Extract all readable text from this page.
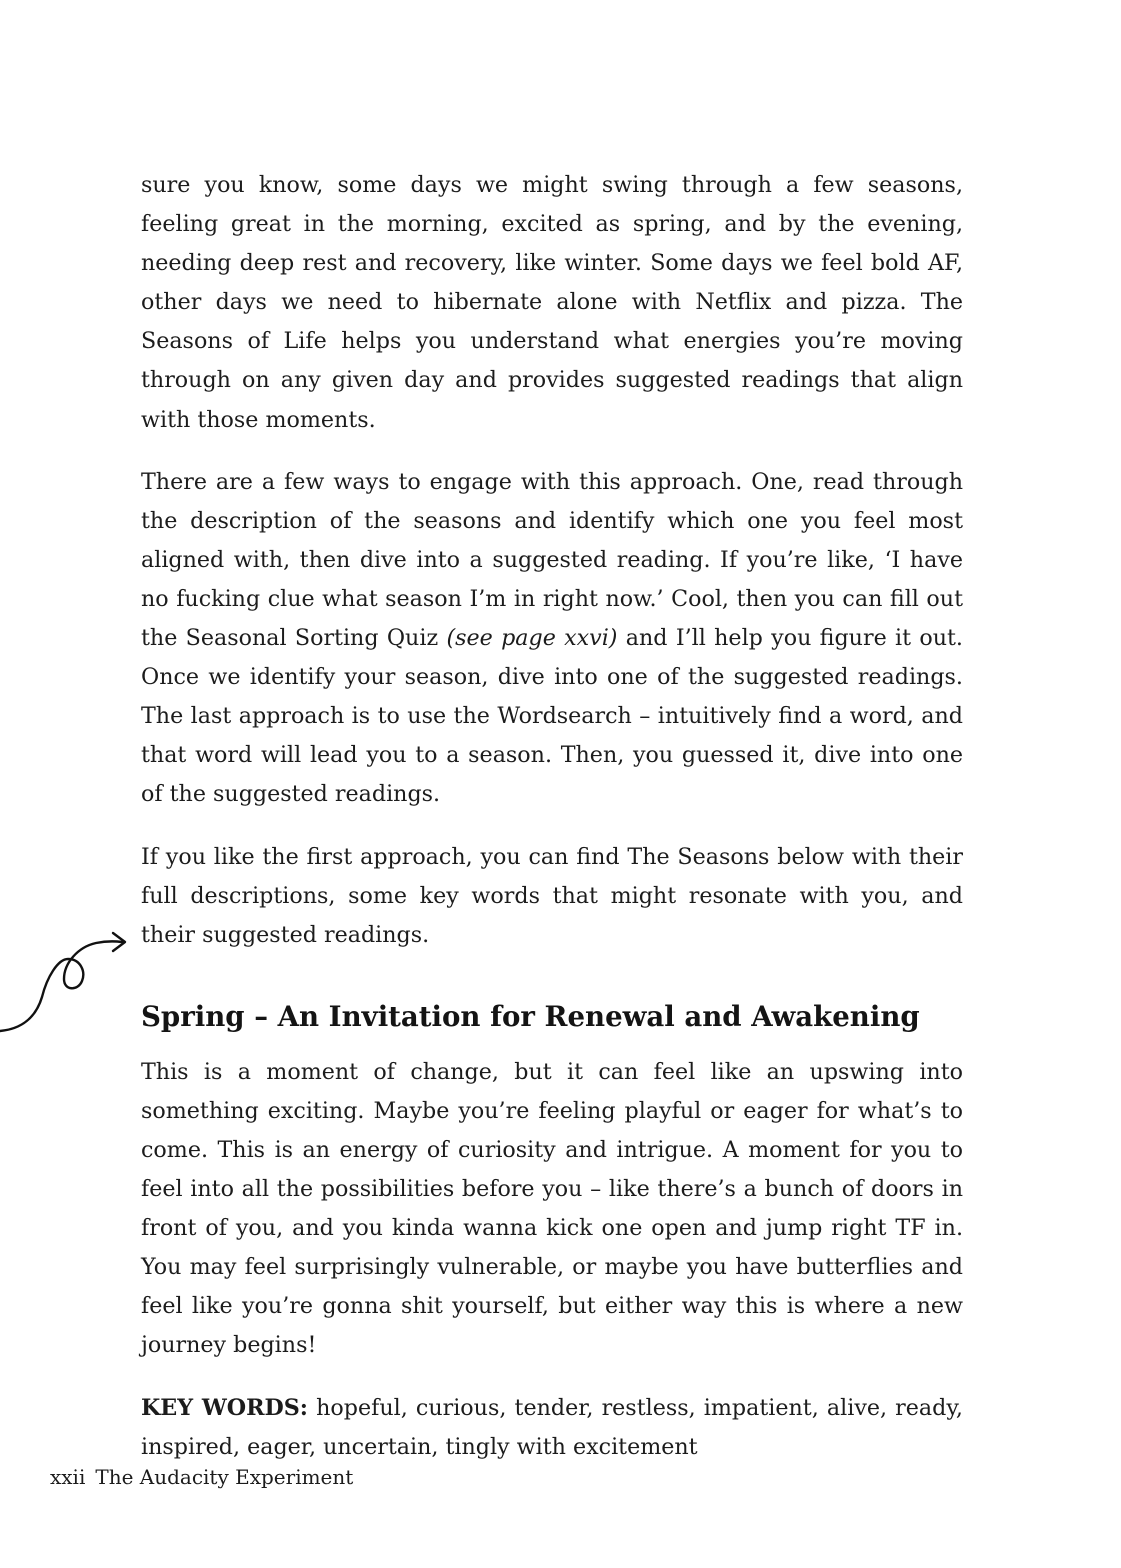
sure you know, some days we might swing through a few seasons, feeling great in the morning, excited as spring, and by the evening, needing deep rest and recovery, like winter. Some days we feel bold AF, other days we need to hibernate alone with Netflix and pizza. The Seasons of Life helps you understand what energies you’re moving through on any given day and provides suggested readings that align with those moments.

There are a few ways to engage with this approach. One, read through the description of the seasons and identify which one you feel most aligned with, then dive into a suggested reading. If you’re like, ‘I have no fucking clue what season I’m in right now.’ Cool, then you can fill out the Seasonal Sorting Quiz (see page xxvi) and I’ll help you figure it out. Once we identify your season, dive into one of the suggested readings. The last approach is to use the Wordsearch – intuitively find a word, and that word will lead you to a season. Then, you guessed it, dive into one of the suggested readings.

If you like the first approach, you can find The Seasons below with their full descriptions, some key words that might resonate with you, and their suggested readings.

Spring – An Invitation for Renewal and Awakening

This is a moment of change, but it can feel like an upswing into something exciting. Maybe you’re feeling playful or eager for what’s to come. This is an energy of curiosity and intrigue. A moment for you to feel into all the possibilities before you – like there’s a bunch of doors in front of you, and you kinda wanna kick one open and jump right TF in. You may feel surprisingly vulnerable, or maybe you have butterflies and feel like you’re gonna shit yourself, but either way this is where a new journey begins!

KEY WORDS: hopeful, curious, tender, restless, impatient, alive, ready, inspired, eager, uncertain, tingly with excitement

xxii The Audacity Experiment
